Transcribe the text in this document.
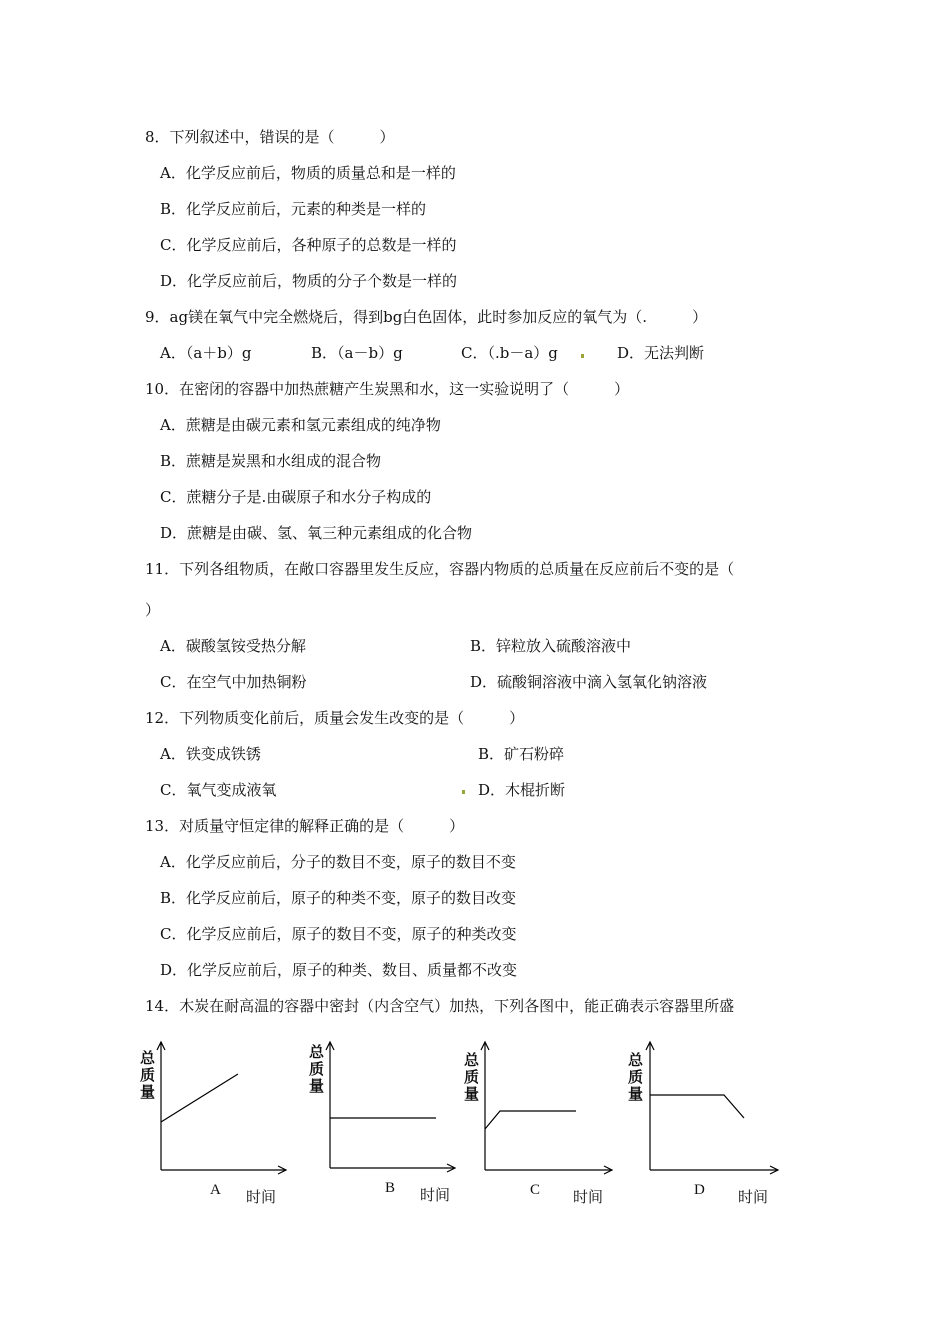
8．下列叙述中，错误的是（　　　）
A．化学反应前后，物质的质量总和是一样的
B．化学反应前后，元素的种类是一样的
C．化学反应前后，各种原子的总数是一样的
D．化学反应前后，物质的分子个数是一样的
9．ag镁在氧气中完全燃烧后，得到bg白色固体，此时参加反应的氧气为（.　　　）
A．（a＋b）g	B．（a－b）g	C．（.b－a）g	D．无法判断
10．在密闭的容器中加热蔗糖产生炭黑和水，这一实验说明了（　　　）
A．蔗糖是由碳元素和氢元素组成的纯净物
B．蔗糖是炭黑和水组成的混合物
C．蔗糖分子是.由碳原子和水分子构成的
D．蔗糖是由碳、氢、氧三种元素组成的化合物
11．下列各组物质，在敞口容器里发生反应，容器内物质的总质量在反应前后不变的是（
）
A．碳酸氢铵受热分解	B．锌粒放入硫酸溶液中
C．在空气中加热铜粉	D．硫酸铜溶液中滴入氢氧化钠溶液
12．下列物质变化前后，质量会发生改变的是（　　　）
A．铁变成铁锈	B．矿石粉碎
C．氧气变成液氧	D．木棍折断
13．对质量守恒定律的解释正确的是（　　　）
A．化学反应前后，分子的数目不变，原子的数目不变
B．化学反应前后，原子的种类不变，原子的数目改变
C．化学反应前后，原子的数目不变，原子的种类改变
D．化学反应前后，原子的种类、数目、质量都不改变
14．木炭在耐高温的容器中密封（内含空气）加热，下列各图中，能正确表示容器里所盛
总质量
A 时间
总质量
B 时间
总质量
C 时间
总质量
D 时间
